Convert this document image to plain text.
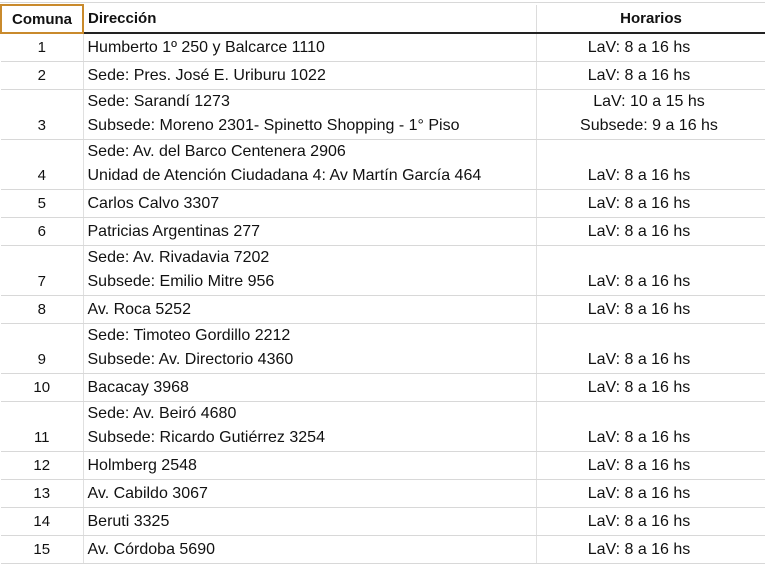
Comuna	Dirección	Horarios
1	Humberto 1º 250 y Balcarce 1110	LaV: 8 a 16 hs

2	Sede: Pres. José E. Uriburu 1022	LaV: 8 a 16 hs

3	Sede: Sarandí 1273
Subsede: Moreno 2301- Spinetto Shopping - 1° Piso	LaV: 10 a 15 hs
Subsede: 9 a 16 hs

4	Sede: Av. del Barco Centenera 2906
Unidad de Atención Ciudadana 4: Av Martín García 464	LaV: 8 a 16 hs

5	Carlos Calvo 3307	LaV: 8 a 16 hs

6	Patricias Argentinas 277	LaV: 8 a 16 hs

7	Sede: Av. Rivadavia 7202
Subsede: Emilio Mitre 956	LaV: 8 a 16 hs

8	Av. Roca 5252	LaV: 8 a 16 hs

9	Sede: Timoteo Gordillo 2212
Subsede: Av. Directorio 4360	LaV: 8 a 16 hs

10	Bacacay 3968	LaV: 8 a 16 hs

11	Sede: Av. Beiró 4680
Subsede: Ricardo Gutiérrez 3254	LaV: 8 a 16 hs

12	Holmberg 2548	LaV: 8 a 16 hs

13	Av. Cabildo 3067	LaV: 8 a 16 hs

14	Beruti 3325	LaV: 8 a 16 hs

15	Av. Córdoba 5690	LaV: 8 a 16 hs
